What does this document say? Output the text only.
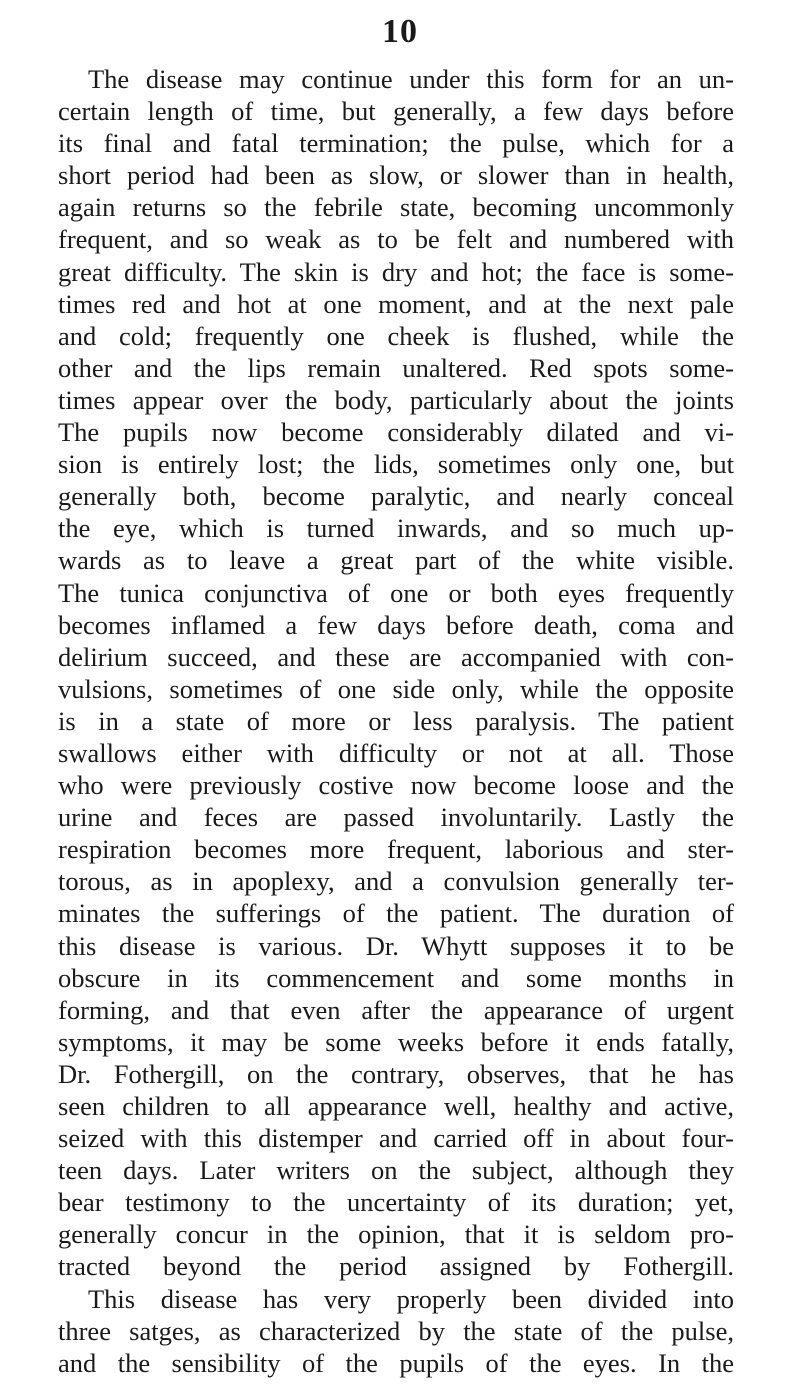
10
The disease may continue under this form for an un-
certain length of time, but generally, a few days before
its final and fatal termination; the pulse, which for a
short period had been as slow, or slower than in health,
again returns so the febrile state, becoming uncommonly
frequent, and so weak as to be felt and numbered with
great difficulty. The skin is dry and hot; the face is some-
times red and hot at one moment, and at the next pale
and cold; frequently one cheek is flushed, while the
other and the lips remain unaltered. Red spots some-
times appear over the body, particularly about the joints
The pupils now become considerably dilated and vi-
sion is entirely lost; the lids, sometimes only one, but
generally both, become paralytic, and nearly conceal
the eye, which is turned inwards, and so much up-
wards as to leave a great part of the white visible.
The tunica conjunctiva of one or both eyes frequently
becomes inflamed a few days before death, coma and
delirium succeed, and these are accompanied with con-
vulsions, sometimes of one side only, while the opposite
is in a state of more or less paralysis. The patient
swallows either with difficulty or not at all. Those
who were previously costive now become loose and the
urine and feces are passed involuntarily. Lastly the
respiration becomes more frequent, laborious and ster-
torous, as in apoplexy, and a convulsion generally ter-
minates the sufferings of the patient. The duration of
this disease is various. Dr. Whytt supposes it to be
obscure in its commencement and some months in
forming, and that even after the appearance of urgent
symptoms, it may be some weeks before it ends fatally,
Dr. Fothergill, on the contrary, observes, that he has
seen children to all appearance well, healthy and active,
seized with this distemper and carried off in about four-
teen days. Later writers on the subject, although they
bear testimony to the uncertainty of its duration; yet,
generally concur in the opinion, that it is seldom pro-
tracted beyond the period assigned by Fothergill.
This disease has very properly been divided into
three satges, as characterized by the state of the pulse,
and the sensibility of the pupils of the eyes. In the
